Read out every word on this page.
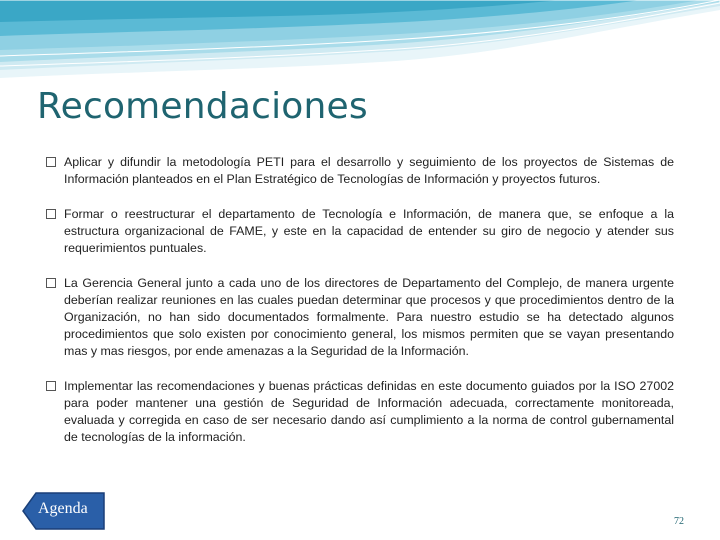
Recomendaciones
Aplicar y difundir la metodología PETI para el desarrollo y seguimiento de los proyectos de Sistemas de Información planteados en el Plan Estratégico de Tecnologías de Información y proyectos futuros.
Formar o reestructurar el departamento de Tecnología e Información, de manera que, se enfoque a la estructura organizacional de FAME, y este en la capacidad de entender su giro de negocio y atender sus requerimientos puntuales.
La Gerencia General junto a cada uno de los directores de Departamento del Complejo, de manera urgente deberían realizar reuniones en las cuales puedan determinar que procesos y que procedimientos dentro de la Organización, no han sido documentados formalmente. Para nuestro estudio se ha detectado algunos procedimientos que solo existen por conocimiento general, los mismos permiten que se vayan presentando mas y mas riesgos, por ende amenazas a la Seguridad de la Información.
Implementar las recomendaciones y buenas prácticas definidas en este documento guiados por la ISO 27002 para poder mantener una gestión de Seguridad de Información adecuada, correctamente monitoreada, evaluada y corregida en caso de ser necesario dando así cumplimiento a la norma de control gubernamental de tecnologías de la información.
Agenda
72
